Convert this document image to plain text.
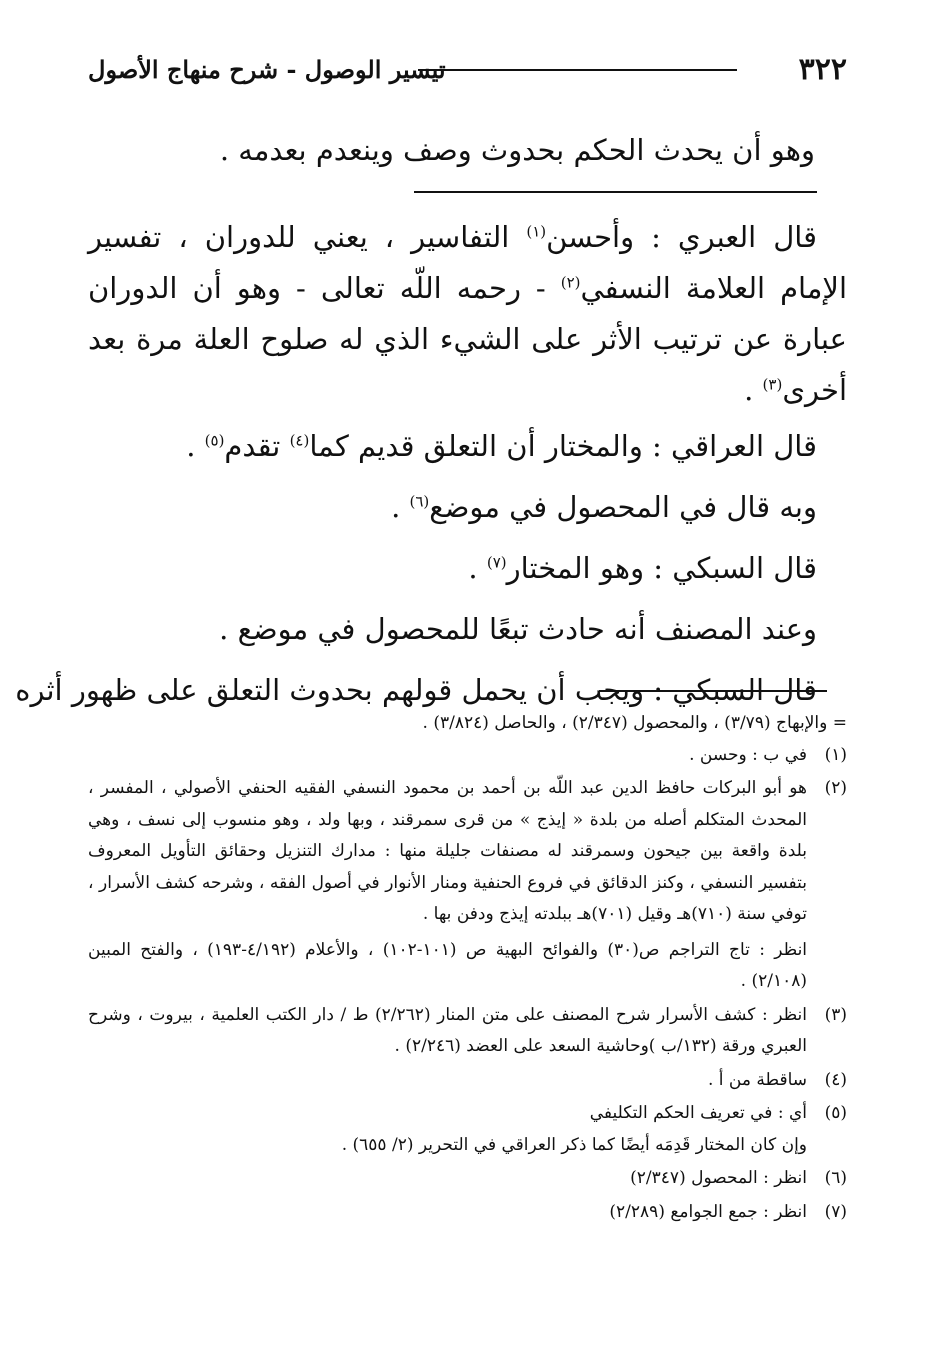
٣٢٢
تيسير الوصول - شرح منهاج الأصول
وهو أن يحدث الحكم بحدوث وصف وينعدم بعدمه .

قال العبري : وأحسن$^{(١)}$ التفاسير ، يعني للدوران ، تفسير الإمام العلامة النسفي$^{(٢)}$ - رحمه اللّه تعالى - وهو أن الدوران عبارة عن ترتيب الأثر على الشيء الذي له صلوح العلة مرة بعد أخرى$^{(٣)}$ .

قال العراقي : والمختار أن التعلق قديم كما$^{(٤)}$ تقدم$^{(٥)}$ .

وبه قال في المحصول في موضع$^{(٦)}$ .

قال السبكي : وهو المختار$^{(٧)}$ .

وعند المصنف أنه حادث تبعًا للمحصول في موضع .

قال السبكي : ويجب أن يحمل قولهم بحدوث التعلق على ظهور أثره

= والإبهاج (٣/٧٩) ، والمحصول (٢/٣٤٧) ، والحاصل (٣/٨٢٤) .

(١)

في ب : وحسن .

(٢)

هو أبو البركات حافظ الدين عبد اللّه بن أحمد بن محمود النسفي الفقيه الحنفي الأصولي ، المفسر ، المحدث المتكلم أصله من بلدة « إيذج » من قرى سمرقند ، وبها ولد ، وهو منسوب إلى نسف ، وهي بلدة واقعة بين جيحون وسمرقند له مصنفات جليلة منها : مدارك التنزيل وحقائق التأويل المعروف بتفسير النسفي ، وكنز الدقائق في فروع الحنفية ومنار الأنوار في أصول الفقه ، وشرحه كشف الأسرار ، توفي سنة (٧١٠)هـ وقيل (٧٠١)هـ ببلدته إيذج ودفن بها .

انظر : تاج التراجم ص(٣٠) والفوائح البهية ص (١٠١-١٠٢) ، والأعلام (٤/١٩٢-١٩٣) ، والفتح المبين (٢/١٠٨) .

(٣)

انظر : كشف الأسرار شرح المصنف على متن المنار (٢/٢٦٢) ط / دار الكتب العلمية ، بيروت ، وشرح العبري ورقة (١٣٢/ب )وحاشية السعد على العضد (٢/٢٤٦) .

(٤)

ساقطة من أ .

(٥)

أي : في تعريف الحكم التكليفي

وإن كان المختار قَدِمَه أيضًا كما ذكر العراقي في التحرير (٢/ ٦٥٥) .

(٦)

انظر : المحصول (٢/٣٤٧)

(٧)

انظر : جمع الجوامع (٢/٢٨٩)
